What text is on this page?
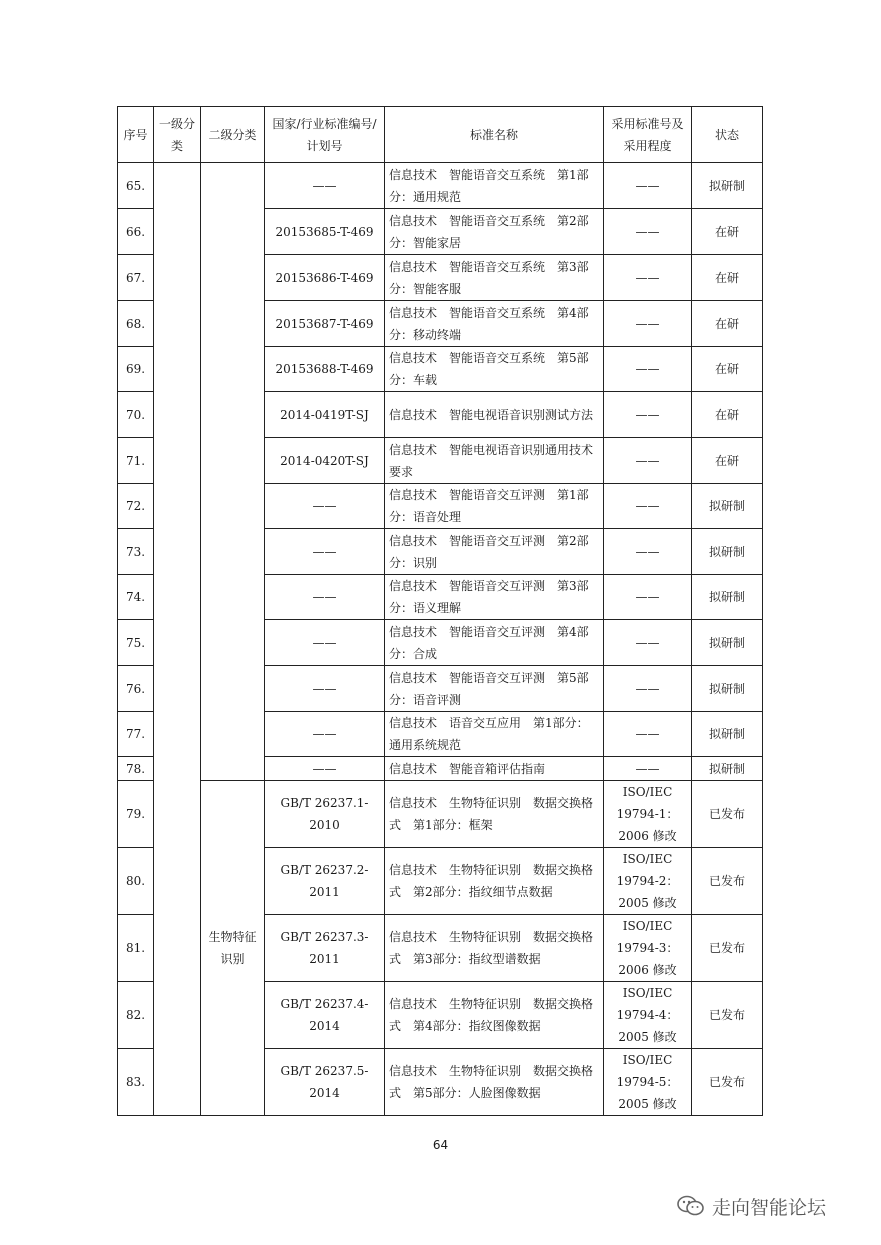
序号	一级分类	二级分类	国家/行业标准编号/计划号	标准名称	采用标准号及采用程度	状态
65.			——	信息技术　智能语音交互系统　第1部分：通用规范	——	拟研制
66.			20153685-T-469	信息技术　智能语音交互系统　第2部分：智能家居	——	在研
67.			20153686-T-469	信息技术　智能语音交互系统　第3部分：智能客服	——	在研
68.			20153687-T-469	信息技术　智能语音交互系统　第4部分：移动终端	——	在研
69.			20153688-T-469	信息技术　智能语音交互系统　第5部分：车载	——	在研
70.			2014-0419T-SJ	信息技术　智能电视语音识别测试方法	——	在研
71.			2014-0420T-SJ	信息技术　智能电视语音识别通用技术要求	——	在研
72.			——	信息技术　智能语音交互评测　第1部分：语音处理	——	拟研制
73.			——	信息技术　智能语音交互评测　第2部分：识别	——	拟研制
74.			——	信息技术　智能语音交互评测　第3部分：语义理解	——	拟研制
75.			——	信息技术　智能语音交互评测　第4部分：合成	——	拟研制
76.			——	信息技术　智能语音交互评测　第5部分：语音评测	——	拟研制
77.			——	信息技术　语音交互应用　第1部分：通用系统规范	——	拟研制
78.			——	信息技术　智能音箱评估指南	——	拟研制
79.		生物特征识别	GB/T 26237.1-2010	信息技术　生物特征识别　数据交换格式　第1部分：框架	ISO/IEC 19794-1：2006 修改	已发布
80.			GB/T 26237.2-2011	信息技术　生物特征识别　数据交换格式　第2部分：指纹细节点数据	ISO/IEC 19794-2：2005 修改	已发布
81.			GB/T 26237.3-2011	信息技术　生物特征识别　数据交换格式　第3部分：指纹型谱数据	ISO/IEC 19794-3：2006 修改	已发布
82.			GB/T 26237.4-2014	信息技术　生物特征识别　数据交换格式　第4部分：指纹图像数据	ISO/IEC 19794-4：2005 修改	已发布
83.			GB/T 26237.5-2014	信息技术　生物特征识别　数据交换格式　第5部分：人脸图像数据	ISO/IEC 19794-5：2005 修改	已发布
64
走向智能论坛
